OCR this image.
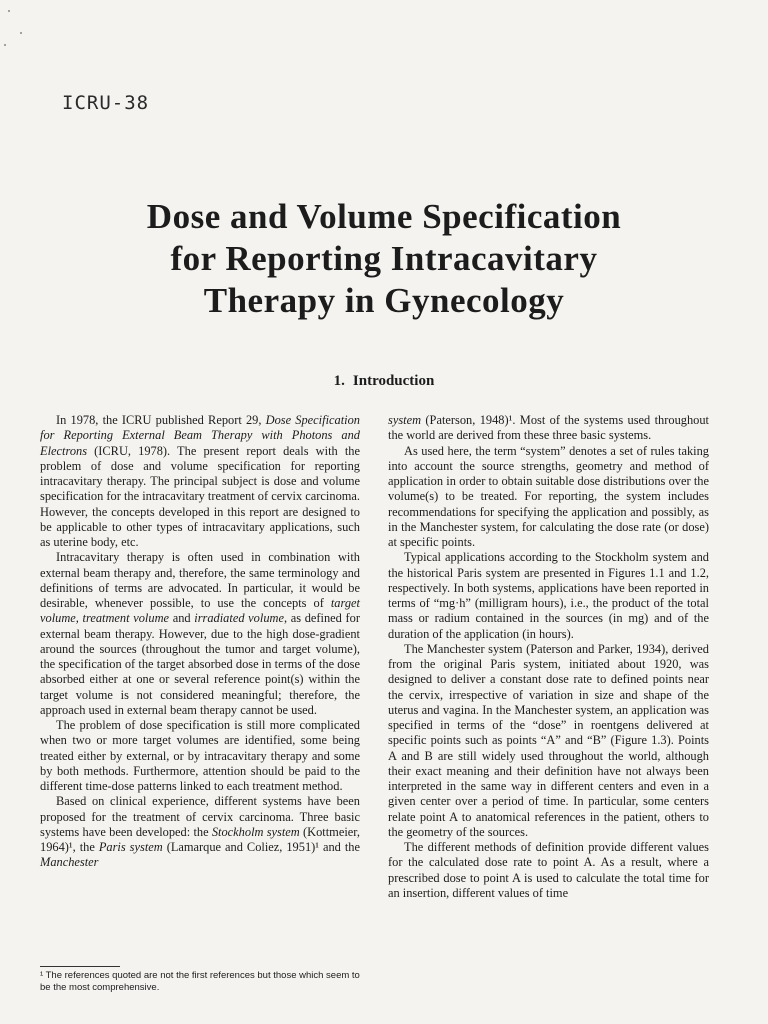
ICRU-38
Dose and Volume Specification
for Reporting Intracavitary
Therapy in Gynecology
1. Introduction

In 1978, the ICRU published Report 29, Dose Specification for Reporting External Beam Therapy with Photons and Electrons (ICRU, 1978). The present report deals with the problem of dose and volume specification for reporting intracavitary therapy. The principal subject is dose and volume specification for the intracavitary treatment of cervix carcinoma. However, the concepts developed in this report are designed to be applicable to other types of intracavitary applications, such as uterine body, etc.

Intracavitary therapy is often used in combination with external beam therapy and, therefore, the same terminology and definitions of terms are advocated. In particular, it would be desirable, whenever possible, to use the concepts of target volume, treatment volume and irradiated volume, as defined for external beam therapy. However, due to the high dose-gradient around the sources (throughout the tumor and target volume), the specification of the target absorbed dose in terms of the dose absorbed either at one or several reference point(s) within the target volume is not considered meaningful; therefore, the approach used in external beam therapy cannot be used.

The problem of dose specification is still more complicated when two or more target volumes are identified, some being treated either by external, or by intracavitary therapy and some by both methods. Furthermore, attention should be paid to the different time-dose patterns linked to each treatment method.

Based on clinical experience, different systems have been proposed for the treatment of cervix carcinoma. Three basic systems have been developed: the Stockholm system (Kottmeier, 1964)¹, the Paris system (Lamarque and Coliez, 1951)¹ and the Manchester

system (Paterson, 1948)¹. Most of the systems used throughout the world are derived from these three basic systems.

As used here, the term “system” denotes a set of rules taking into account the source strengths, geometry and method of application in order to obtain suitable dose distributions over the volume(s) to be treated. For reporting, the system includes recommendations for specifying the application and possibly, as in the Manchester system, for calculating the dose rate (or dose) at specific points.

Typical applications according to the Stockholm system and the historical Paris system are presented in Figures 1.1 and 1.2, respectively. In both systems, applications have been reported in terms of “mg·h” (milligram hours), i.e., the product of the total mass or radium contained in the sources (in mg) and of the duration of the application (in hours).

The Manchester system (Paterson and Parker, 1934), derived from the original Paris system, initiated about 1920, was designed to deliver a constant dose rate to defined points near the cervix, irrespective of variation in size and shape of the uterus and vagina. In the Manchester system, an application was specified in terms of the “dose” in roentgens delivered at specific points such as points “A” and “B” (Figure 1.3). Points A and B are still widely used throughout the world, although their exact meaning and their definition have not always been interpreted in the same way in different centers and even in a given center over a period of time. In particular, some centers relate point A to anatomical references in the patient, others to the geometry of the sources.

The different methods of definition provide different values for the calculated dose rate to point A. As a result, where a prescribed dose to point A is used to calculate the total time for an insertion, different values of time

¹ The references quoted are not the first references but those which seem to be the most comprehensive.
